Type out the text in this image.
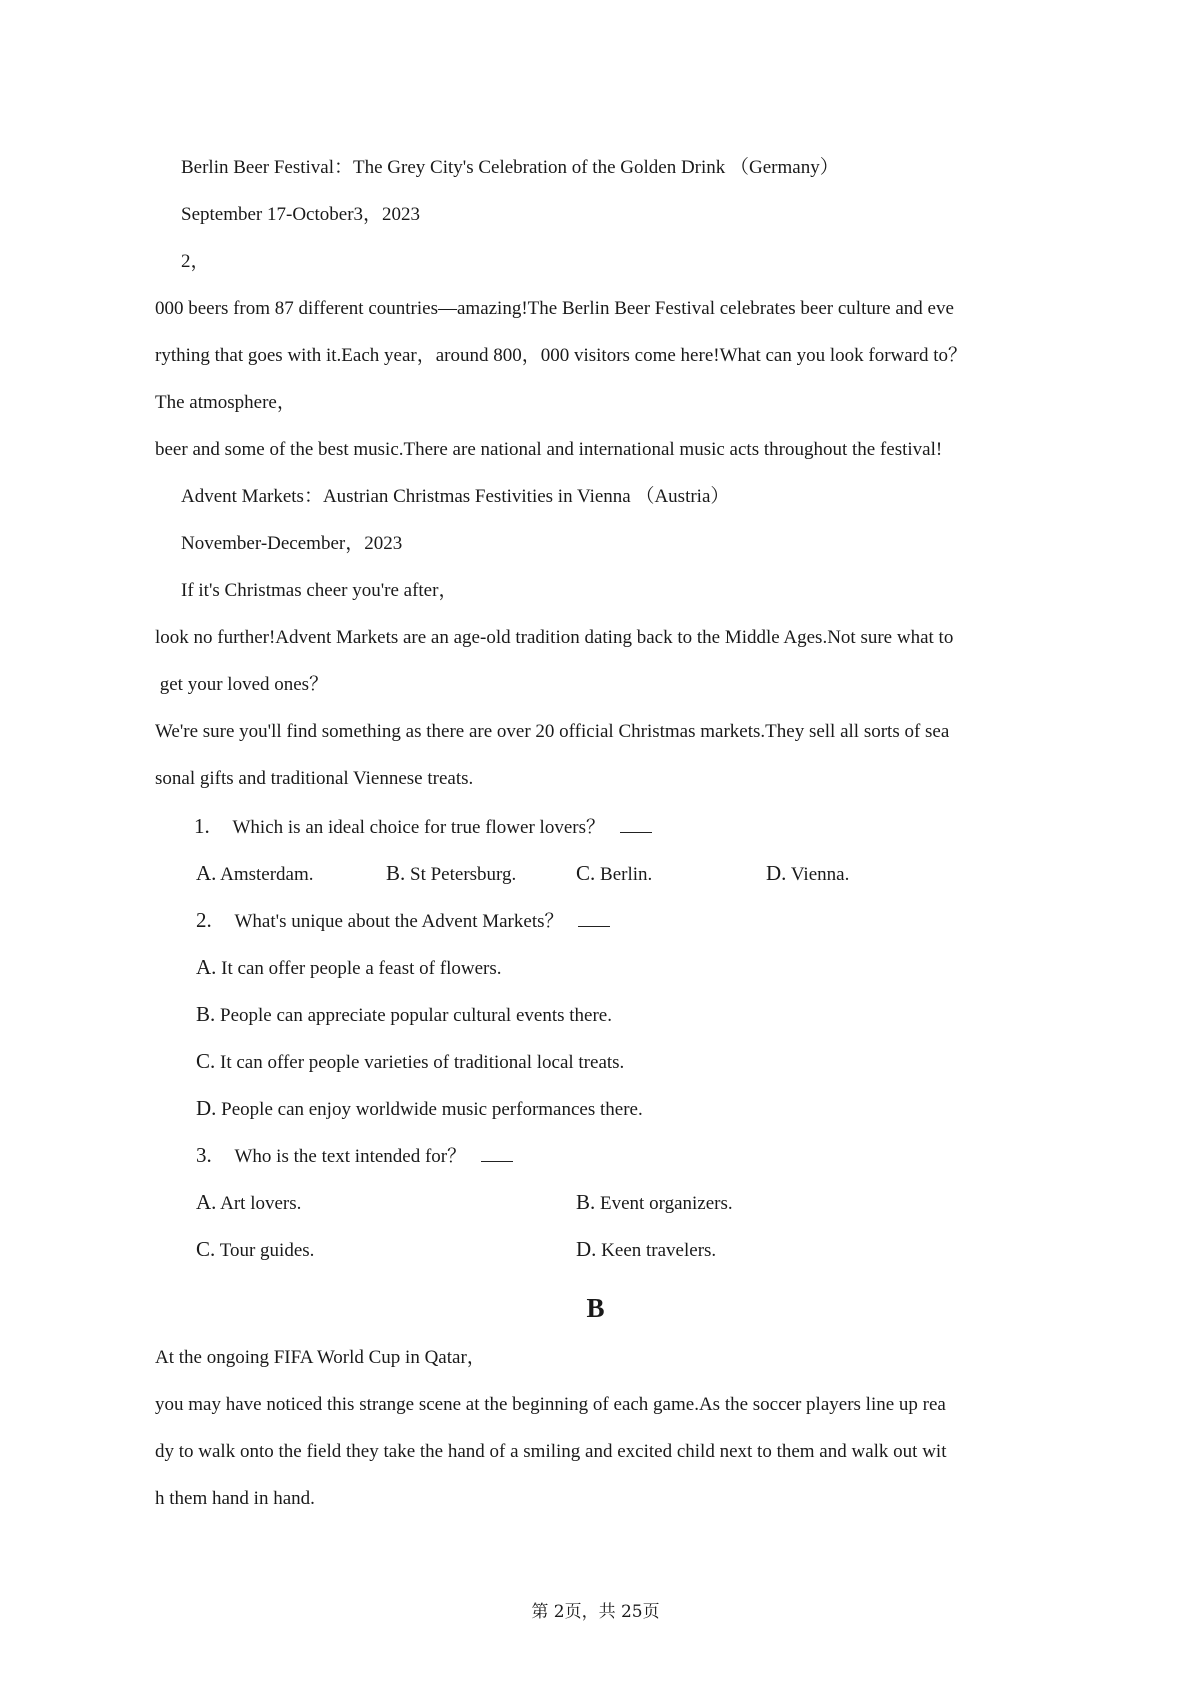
Berlin Beer Festival：The Grey City's Celebration of the Golden Drink （Germany）
September 17-October3，2023
2，
000 beers from 87 different countries—amazing!The Berlin Beer Festival celebrates beer culture and eve
rything that goes with it.Each year，around 800，000 visitors come here!What can you look forward to？
The atmosphere，
beer and some of the best music.There are national and international music acts throughout the festival!
Advent Markets：Austrian Christmas Festivities in Vienna （Austria）
November-December，2023
If it's Christmas cheer you're after，
look no further!Advent Markets are an age-old tradition dating back to the Middle Ages.Not sure what to
get your loved ones？
We're sure you'll find something as there are over 20 official Christmas markets.They sell all sorts of sea
sonal gifts and traditional Viennese treats.
1. Which is an ideal choice for true flower lovers？
A. Amsterdam.	B. St Petersburg.	C. Berlin.	D. Vienna.
2. What's unique about the Advent Markets？
A. It can offer people a feast of flowers.
B. People can appreciate popular cultural events there.
C. It can offer people varieties of traditional local treats.
D. People can enjoy worldwide music performances there.
3. Who is the text intended for？
A. Art lovers.	B. Event organizers.
C. Tour guides.	D. Keen travelers.
B
At the ongoing FIFA World Cup in Qatar，
you may have noticed this strange scene at the beginning of each game.As the soccer players line up rea
dy to walk onto the field they take the hand of a smiling and excited child next to them and walk out wit
h them hand in hand.
第 2页，共 25页
